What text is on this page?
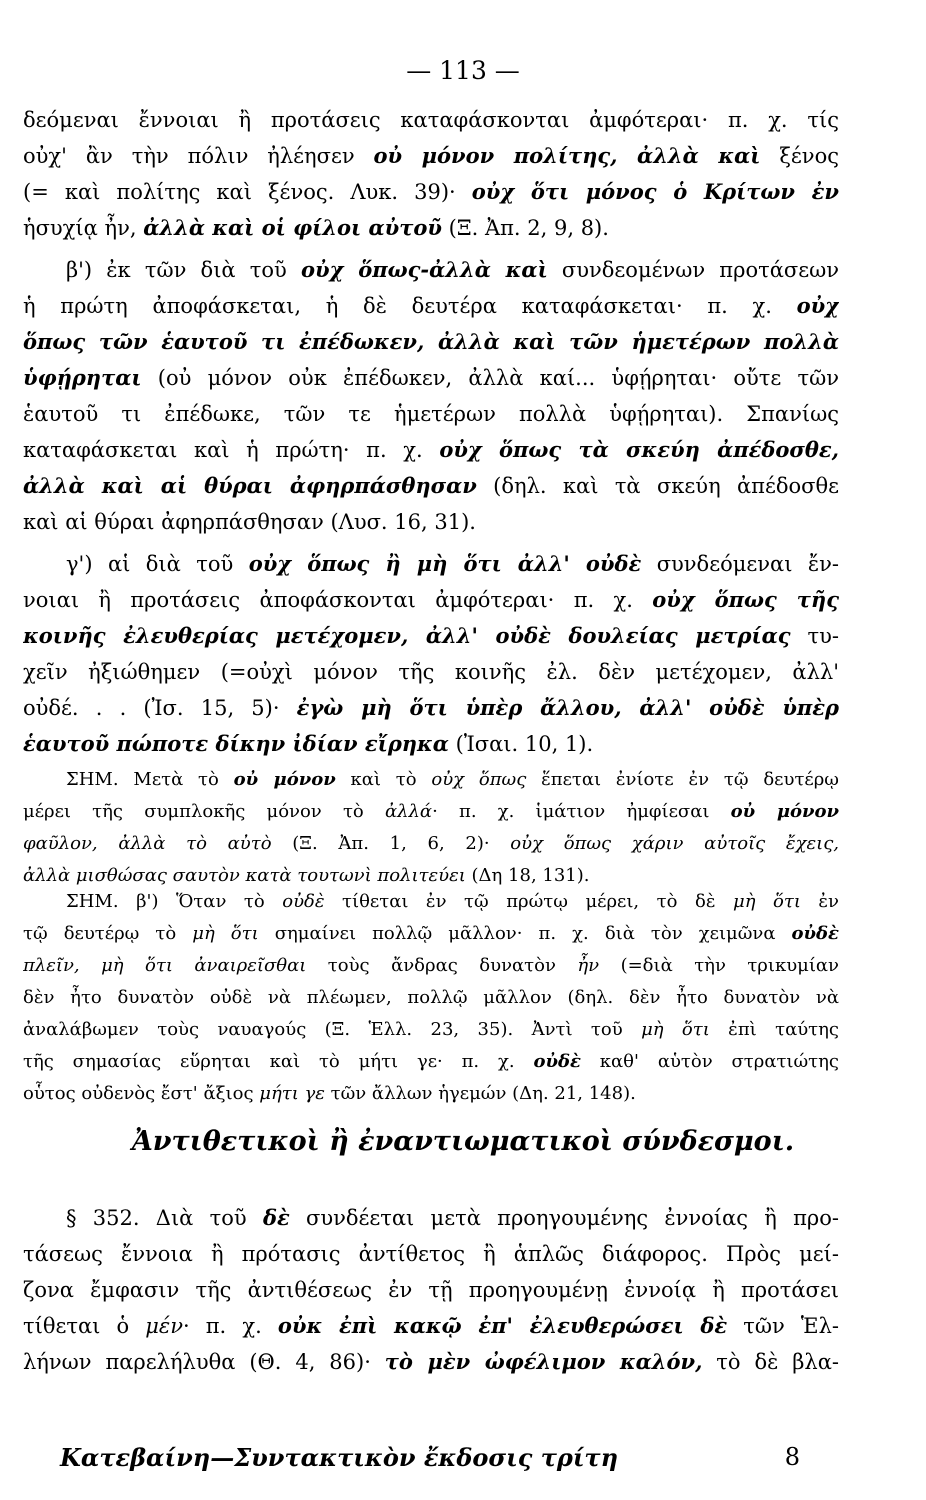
— 113 —
δεόμεναι ἔννοιαι ἢ προτάσεις καταφάσκονται ἀμφότεραι· π. χ. τίς
οὐχ' ἂν τὴν πόλιν ἠλέησεν οὐ μόνον πολίτης, ἀλλὰ καὶ ξένος
(= καὶ πολίτης καὶ ξένος. Λυκ. 39)· οὐχ ὅτι μόνος ὁ Κρίτων ἐν
ἡσυχίᾳ ἦν, ἀλλὰ καὶ οἱ φίλοι αὐτοῦ (Ξ. Ἀπ. 2, 9, 8).
β') ἐκ τῶν διὰ τοῦ οὐχ ὅπως-ἀλλὰ καὶ συνδεομένων προτάσεων
ἡ πρώτη ἀποφάσκεται, ἡ δὲ δευτέρα καταφάσκεται· π. χ. οὐχ
ὅπως τῶν ἑαυτοῦ τι ἐπέδωκεν, ἀλλὰ καὶ τῶν ἡμετέρων πολλὰ
ὑφῄρηται (οὐ μόνον οὐκ ἐπέδωκεν, ἀλλὰ καί... ὑφῄρηται· οὔτε τῶν
ἑαυτοῦ τι ἐπέδωκε, τῶν τε ἡμετέρων πολλὰ ὑφῄρηται). Σπανίως
καταφάσκεται καὶ ἡ πρώτη· π. χ. οὐχ ὅπως τὰ σκεύη ἀπέδοσθε,
ἀλλὰ καὶ αἱ θύραι ἀφηρπάσθησαν (δηλ. καὶ τὰ σκεύη ἀπέδοσθε
καὶ αἱ θύραι ἀφηρπάσθησαν (Λυσ. 16, 31).
γ') αἱ διὰ τοῦ οὐχ ὅπως ἢ μὴ ὅτι ἀλλ' οὐδὲ συνδεόμεναι ἔν-
νοιαι ἢ προτάσεις ἀποφάσκονται ἀμφότεραι· π. χ. οὐχ ὅπως τῆς
κοινῆς ἐλευθερίας μετέχομεν, ἀλλ' οὐδὲ δουλείας μετρίας τυ-
χεῖν ἠξιώθημεν (=οὐχὶ μόνον τῆς κοινῆς ἐλ. δὲν μετέχομεν, ἀλλ'
οὐδέ. . . (Ἰσ. 15, 5)· ἐγὼ μὴ ὅτι ὑπὲρ ἄλλου, ἀλλ' οὐδὲ ὑπὲρ
ἑαυτοῦ πώποτε δίκην ἰδίαν εἴρηκα (Ἰσαι. 10, 1).
ΣΗΜ. Μετὰ τὸ οὐ μόνον καὶ τὸ οὐχ ὅπως ἕπεται ἐνίοτε ἐν τῷ δευτέρῳ
μέρει τῆς συμπλοκῆς μόνον τὸ ἀλλά· π. χ. ἱμάτιον ἠμφίεσαι οὐ μόνον
φαῦλον, ἀλλὰ τὸ αὐτὸ (Ξ. Ἀπ. 1, 6, 2)· οὐχ ὅπως χάριν αὐτοῖς ἔχεις,
ἀλλὰ μισθώσας σαυτὸν κατὰ τουτωνὶ πολιτεύει (Δη 18, 131).
ΣΗΜ. β') Ὅταν τὸ οὐδὲ τίθεται ἐν τῷ πρώτῳ μέρει, τὸ δὲ μὴ ὅτι ἐν
τῷ δευτέρῳ τὸ μὴ ὅτι σημαίνει πολλῷ μᾶλλον· π. χ. διὰ τὸν χειμῶνα οὐδὲ
πλεῖν, μὴ ὅτι ἀναιρεῖσθαι τοὺς ἄνδρας δυνατὸν ἦν (=διὰ τὴν τρικυμίαν
δὲν ἦτο δυνατὸν οὐδὲ νὰ πλέωμεν, πολλῷ μᾶλλον (δηλ. δὲν ἦτο δυνατὸν νὰ
ἀναλάβωμεν τοὺς ναυαγούς (Ξ. Ἑλλ. 23, 35). Ἀντὶ τοῦ μὴ ὅτι ἐπὶ ταύτης
τῆς σημασίας εὕρηται καὶ τὸ μήτι γε· π. χ. οὐδὲ καθ' αὑτὸν στρατιώτης
οὗτος οὐδενὸς ἔστ' ἄξιος μήτι γε τῶν ἄλλων ἡγεμών (Δη. 21, 148).
Ἀντιθετικοὶ ἢ ἐναντιωματικοὶ σύνδεσμοι.
§ 352. Διὰ τοῦ δὲ συνδέεται μετὰ προηγουμένης ἐννοίας ἢ προ-
τάσεως ἔννοια ἢ πρότασις ἀντίθετος ἢ ἁπλῶς διάφορος. Πρὸς μεί-
ζονα ἔμφασιν τῆς ἀντιθέσεως ἐν τῇ προηγουμένῃ ἐννοίᾳ ἢ προτάσει
τίθεται ὁ μέν· π. χ. οὐκ ἐπὶ κακῷ ἐπ' ἐλευθερώσει δὲ τῶν Ἑλ-
λήνων παρελήλυθα (Θ. 4, 86)· τὸ μὲν ὠφέλιμον καλόν, τὸ δὲ βλα-
Κατεβαίνη—Συντακτικὸν ἔκδοσις τρίτη	8
